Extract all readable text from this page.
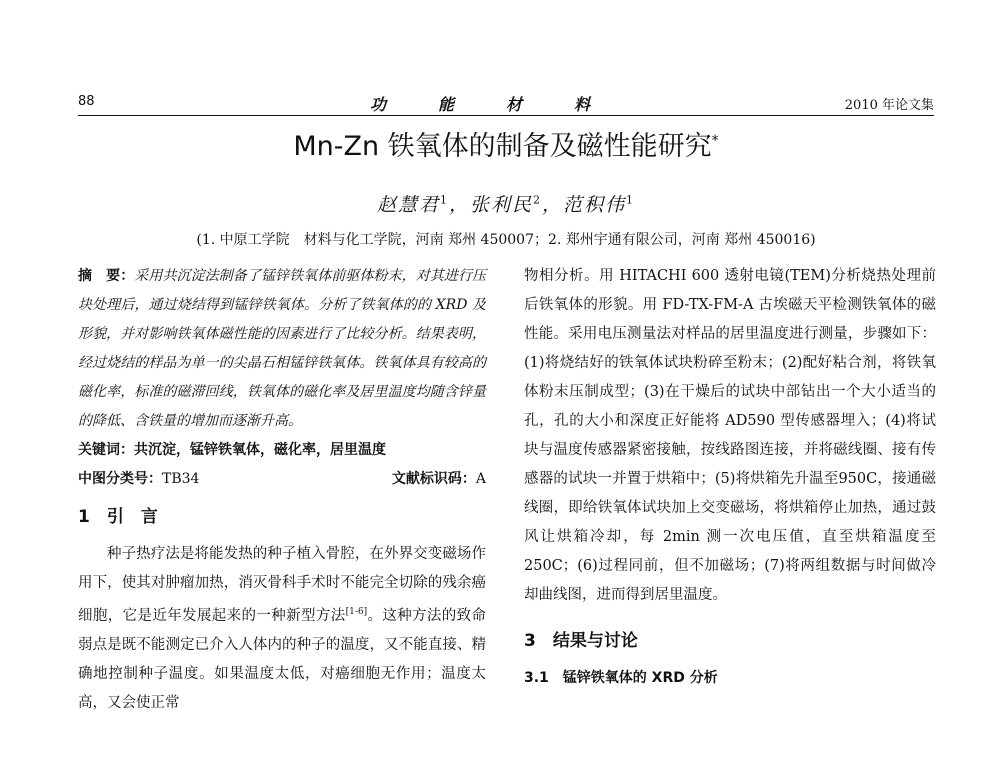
88	功能材料	2010 年论文集
Mn-Zn 铁氧体的制备及磁性能研究*
赵慧君$^1$，张利民$^2$，范积伟$^1$
(1. 中原工学院　材料与化工学院，河南 郑州 450007；2. 郑州宇通有限公司，河南 郑州 450016)

摘　要：采用共沉淀法制备了锰锌铁氧体前驱体粉末，对其进行压块处理后，通过烧结得到锰锌铁氧体。分析了铁氧体的的 XRD 及形貌，并对影响铁氧体磁性能的因素进行了比较分析。结果表明，经过烧结的样品为单一的尖晶石相锰锌铁氧体。铁氧体具有较高的磁化率，标准的磁滞回线，铁氧体的磁化率及居里温度均随含锌量的降低、含铁量的增加而逐渐升高。

关键词：共沉淀，锰锌铁氧体，磁化率，居里温度

中图分类号：TB34	文献标识码：A
1　引　言

种子热疗法是将能发热的种子植入骨腔，在外界交变磁场作用下，使其对肿瘤加热，消灭骨科手术时不能完全切除的残余癌细胞，它是近年发展起来的一种新型方法[1-6]。这种方法的致命弱点是既不能测定已介入人体内的种子的温度，又不能直接、精确地控制种子温度。如果温度太低，对癌细胞无作用；温度太高，又会使正常

物相分析。用 HITACHI 600 透射电镜(TEM)分析烧热处理前后铁氧体的形貌。用 FD-TX-FM-A 古埃磁天平检测铁氧体的磁性能。采用电压测量法对样品的居里温度进行测量，步骤如下：(1)将烧结好的铁氧体试块粉碎至粉末；(2)配好粘合剂，将铁氧体粉末压制成型；(3)在干燥后的试块中部钻出一个大小适当的孔，孔的大小和深度正好能将 AD590 型传感器埋入；(4)将试块与温度传感器紧密接触，按线路图连接，并将磁线圈、接有传感器的试块一并置于烘箱中；(5)将烘箱先升温至950C，接通磁线圈，即给铁氧体试块加上交变磁场，将烘箱停止加热，通过鼓风让烘箱冷却，每 2min 测一次电压值，直至烘箱温度至 250C；(6)过程同前，但不加磁场；(7)将两组数据与时间做冷却曲线图，进而得到居里温度。

3　结果与讨论
3.1　锰锌铁氧体的 XRD 分析
